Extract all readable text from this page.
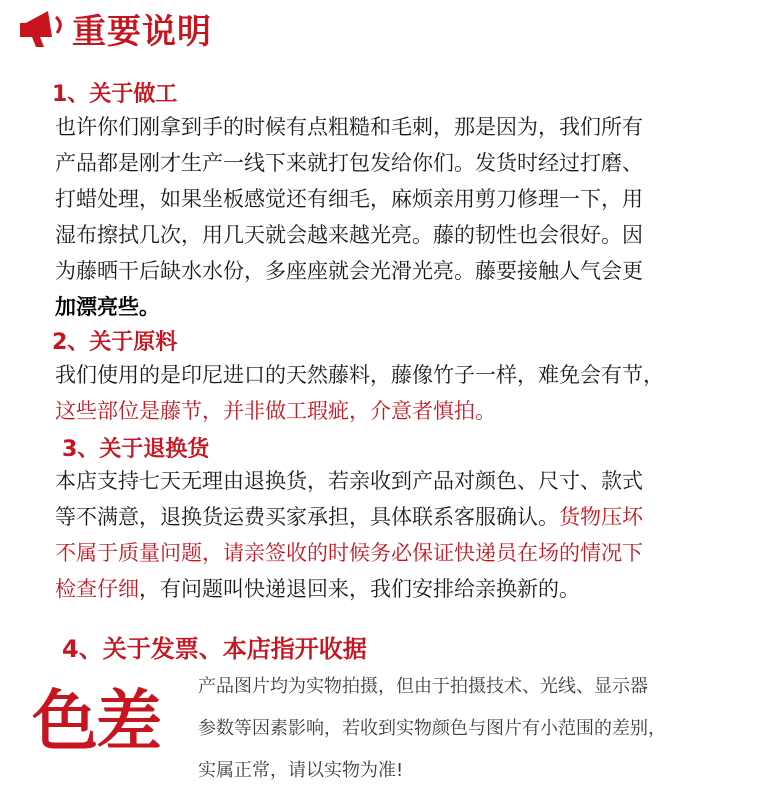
重要说明
1、关于做工
也许你们刚拿到手的时候有点粗糙和毛刺，那是因为，我们所有
产品都是刚才生产一线下来就打包发给你们。发货时经过打磨、
打蜡处理，如果坐板感觉还有细毛，麻烦亲用剪刀修理一下，用
湿布擦拭几次，用几天就会越来越光亮。藤的韧性也会很好。因
为藤晒干后缺水水份，多座座就会光滑光亮。藤要接触人气会更
加漂亮些。
2、关于原料
我们使用的是印尼进口的天然藤料，藤像竹子一样，难免会有节，
这些部位是藤节，并非做工瑕疵，介意者慎拍。
3、关于退换货
本店支持七天无理由退换货，若亲收到产品对颜色、尺寸、款式
等不满意，退换货运费买家承担，具体联系客服确认。货物压坏
不属于质量问题，请亲签收的时候务必保证快递员在场的情况下
检查仔细，有问题叫快递退回来，我们安排给亲换新的。
4、关于发票、本店指开收据
色差 产品图片均为实物拍摄，但由于拍摄技术、光线、显示器
参数等因素影响，若收到实物颜色与图片有小范围的差别，
实属正常，请以实物为准!
